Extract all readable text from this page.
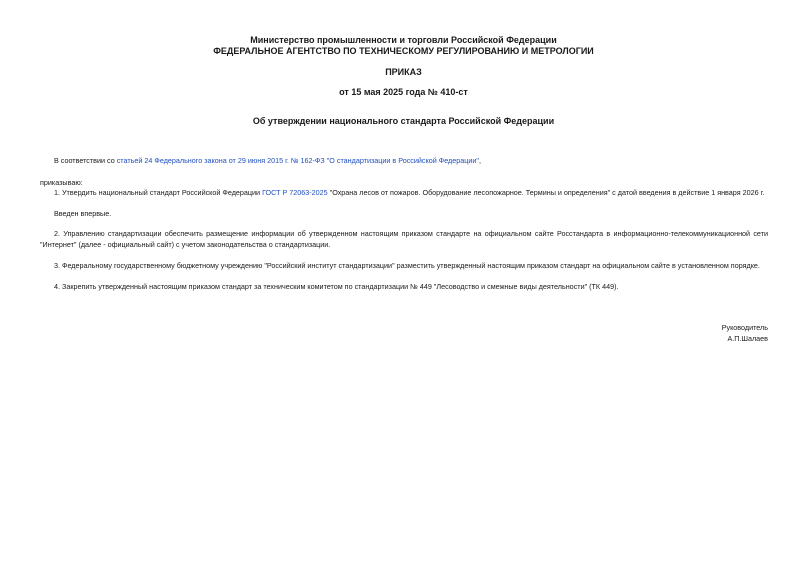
Министерство промышленности и торговли Российской Федерации
ФЕДЕРАЛЬНОЕ АГЕНТСТВО ПО ТЕХНИЧЕСКОМУ РЕГУЛИРОВАНИЮ И МЕТРОЛОГИИ
ПРИКАЗ
от 15 мая 2025 года № 410-ст
Об утверждении национального стандарта Российской Федерации
В соответствии со статьей 24 Федерального закона от 29 июня 2015 г. № 162-ФЗ "О стандартизации в Российской Федерации",
приказываю:
1. Утвердить национальный стандарт Российской Федерации ГОСТ Р 72063-2025 "Охрана лесов от пожаров. Оборудование лесопожарное. Термины и определения" с датой введения в действие 1 января 2026 г.
Введен впервые.
2. Управлению стандартизации обеспечить размещение информации об утвержденном настоящим приказом стандарте на официальном сайте Росстандарта в информационно-телекоммуникационной сети "Интернет" (далее - официальный сайт) с учетом законодательства о стандартизации.
3. Федеральному государственному бюджетному учреждению "Российский институт стандартизации" разместить утвержденный настоящим приказом стандарт на официальном сайте в установленном порядке.
4. Закрепить утвержденный настоящим приказом стандарт за техническим комитетом по стандартизации № 449 "Лесоводство и смежные виды деятельности" (ТК 449).
Руководитель
А.П.Шалаев
